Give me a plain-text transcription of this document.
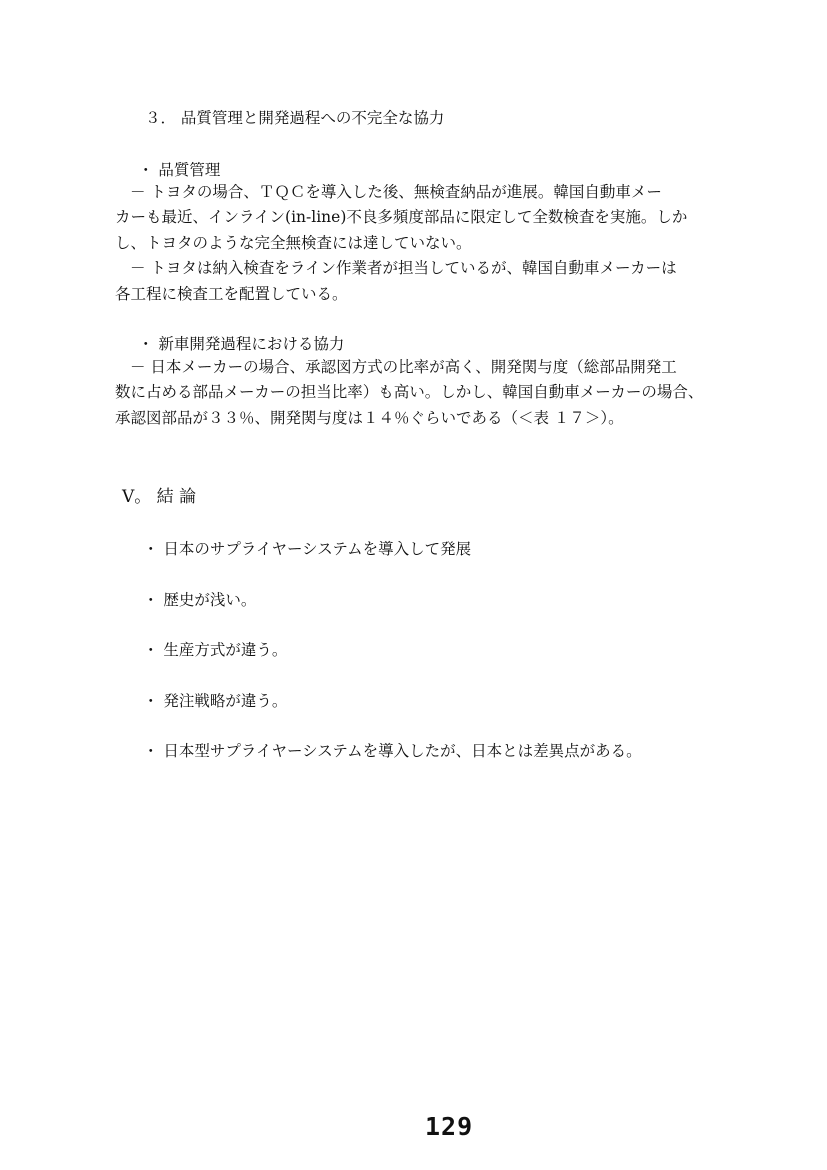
３． 品質管理と開発過程への不完全な協力
・ 品質管理
－ トヨタの場合、ＴＱＣを導入した後、無検査納品が進展。韓国自動車メー
カーも最近、インライン(in-line)不良多頻度部品に限定して全数検査を実施。しか
し、トヨタのような完全無検査には達していない。
－ トヨタは納入検査をライン作業者が担当しているが、韓国自動車メーカーは
各工程に検査工を配置している。
・ 新車開発過程における協力
－ 日本メーカーの場合、承認図方式の比率が高く、開発関与度（総部品開発工
数に占める部品メーカーの担当比率）も高い。しかし、韓国自動車メーカーの場合、
承認図部品が３３％、開発関与度は１４％ぐらいである（＜表 １７＞）。
Ⅴ。 結 論
・ 日本のサプライヤーシステムを導入して発展
・ 歴史が浅い。
・ 生産方式が違う。
・ 発注戦略が違う。
・ 日本型サプライヤーシステムを導入したが、日本とは差異点がある。
129
